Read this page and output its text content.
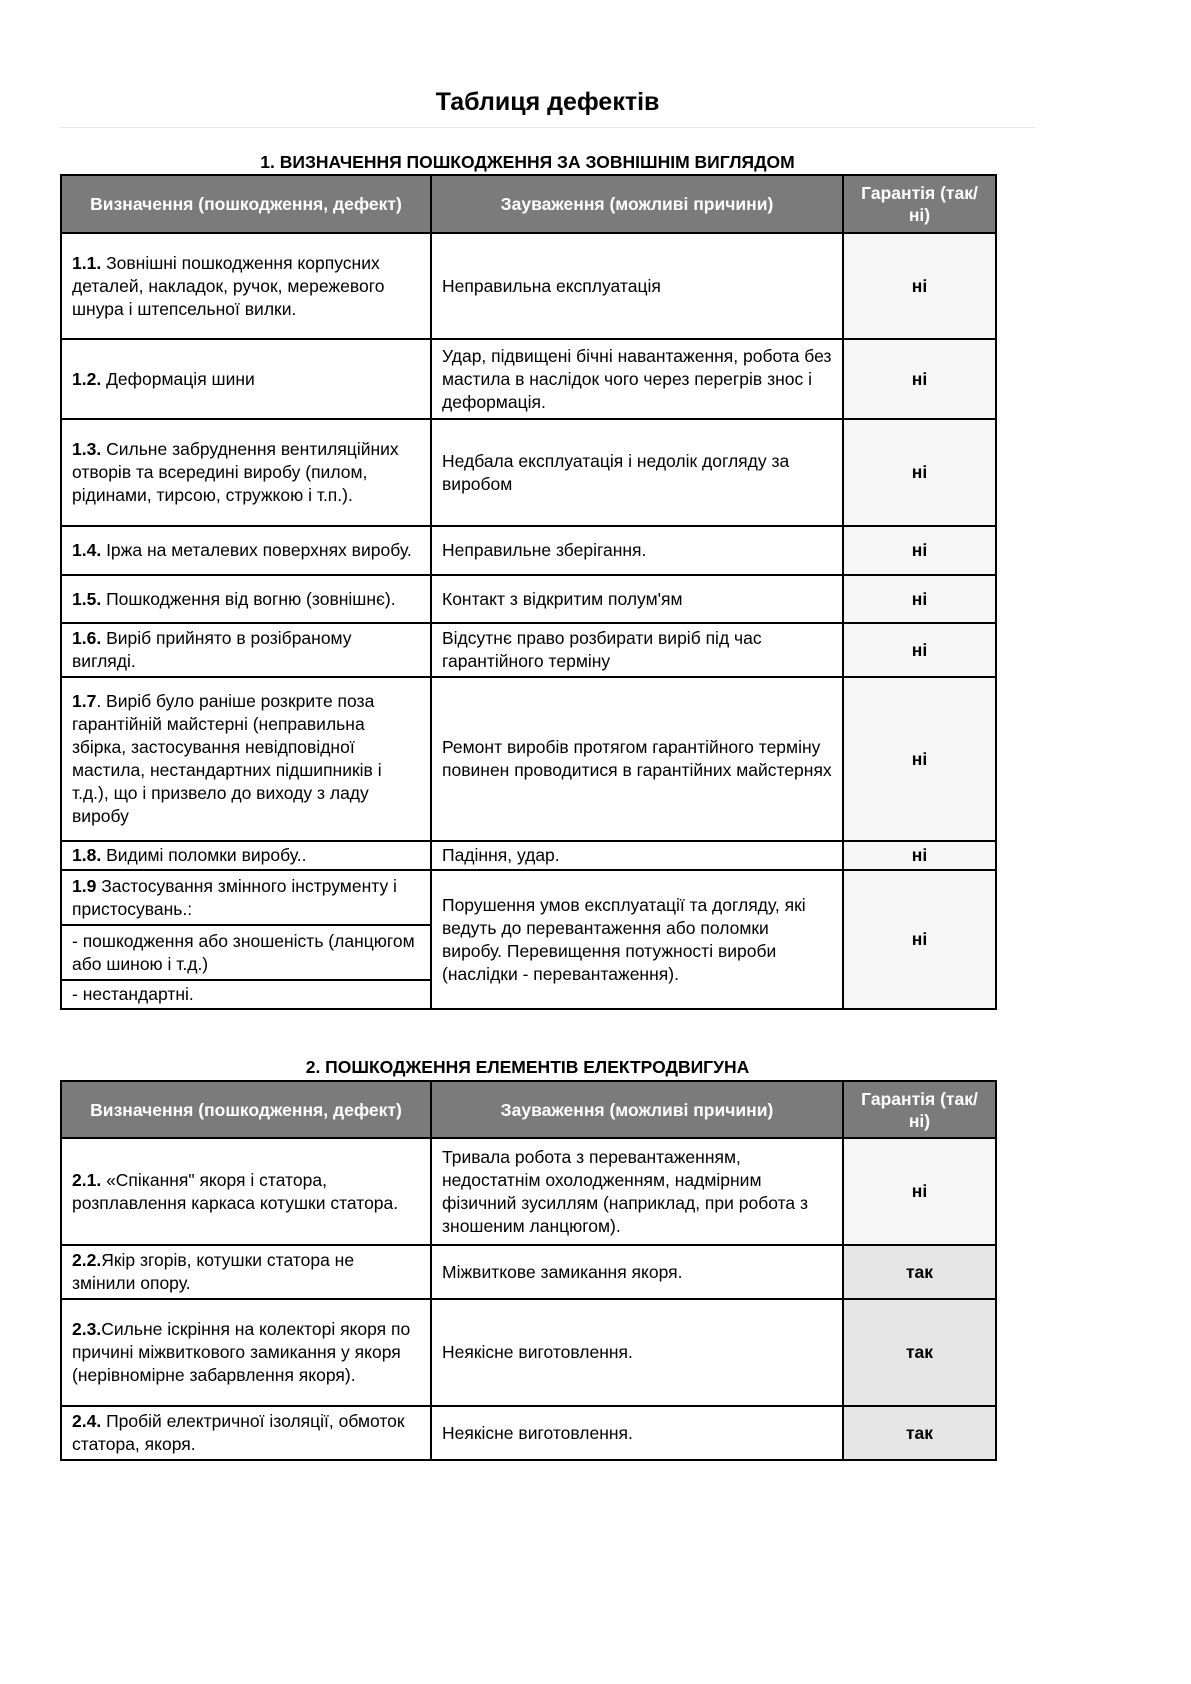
Таблиця дефектів
1. ВИЗНАЧЕННЯ ПОШКОДЖЕННЯ ЗА ЗОВНІШНІМ ВИГЛЯДОМ
Визначення (пошкодження, дефект)	Зауваження (можливі причини)	Гарантія (так/ні)
1.1. Зовнішні пошкодження корпусних деталей, накладок, ручок, мережевого шнура і штепсельної вилки.	Неправильна експлуатація	ні
1.2. Деформація шини	Удар, підвищені бічні навантаження, робота без мастила в наслідок чого через перегрів знос і деформація.	ні
1.3. Сильне забруднення вентиляційних отворів та всередині виробу (пилом, рідинами, тирсою, стружкою і т.п.).	Недбала експлуатація і недолік догляду за виробом	ні
1.4. Іржа на металевих поверхнях виробу.	Неправильне зберігання.	ні
1.5. Пошкодження від вогню (зовнішнє).	Контакт з відкритим полум'ям	ні
1.6. Виріб прийнято в розібраному вигляді.	Відсутнє право розбирати виріб під час гарантійного терміну	ні
1.7. Виріб було раніше розкрите поза гарантійній майстерні (неправильна збірка, застосування невідповідної мастила, нестандартних підшипників і т.д.), що і призвело до виходу з ладу виробу	Ремонт виробів протягом гарантійного терміну повинен проводитися в гарантійних майстернях	ні
1.8. Видимі поломки виробу..	Падіння, удар.	ні
1.9 Застосування змінного інструменту і пристосувань.:	Порушення умов експлуатації та догляду, які ведуть до перевантаження або поломки виробу. Перевищення потужності вироби (наслідки - перевантаження).	ні
- пошкодження або зношеність (ланцюгом або шиною і т.д.)		
- нестандартні.		
2. ПОШКОДЖЕННЯ ЕЛЕМЕНТІВ ЕЛЕКТРОДВИГУНА
Визначення (пошкодження, дефект)	Зауваження (можливі причини)	Гарантія (так/ні)
2.1. «Спікання" якоря і статора, розплавлення каркаса котушки статора.	Тривала робота з перевантаженням, недостатнім охолодженням, надмірним фізичний зусиллям (наприклад, при робота з зношеним ланцюгом).	ні
2.2.Якір згорів, котушки статора не змінили опору.	Міжвиткове замикання якоря.	так
2.3.Сильне іскріння на колекторі якоря по причині міжвиткового замикання у якоря (нерівномірне забарвлення якоря).	Неякісне виготовлення.	так
2.4. Пробій електричної ізоляції, обмоток статора, якоря.	Неякісне виготовлення.	так
